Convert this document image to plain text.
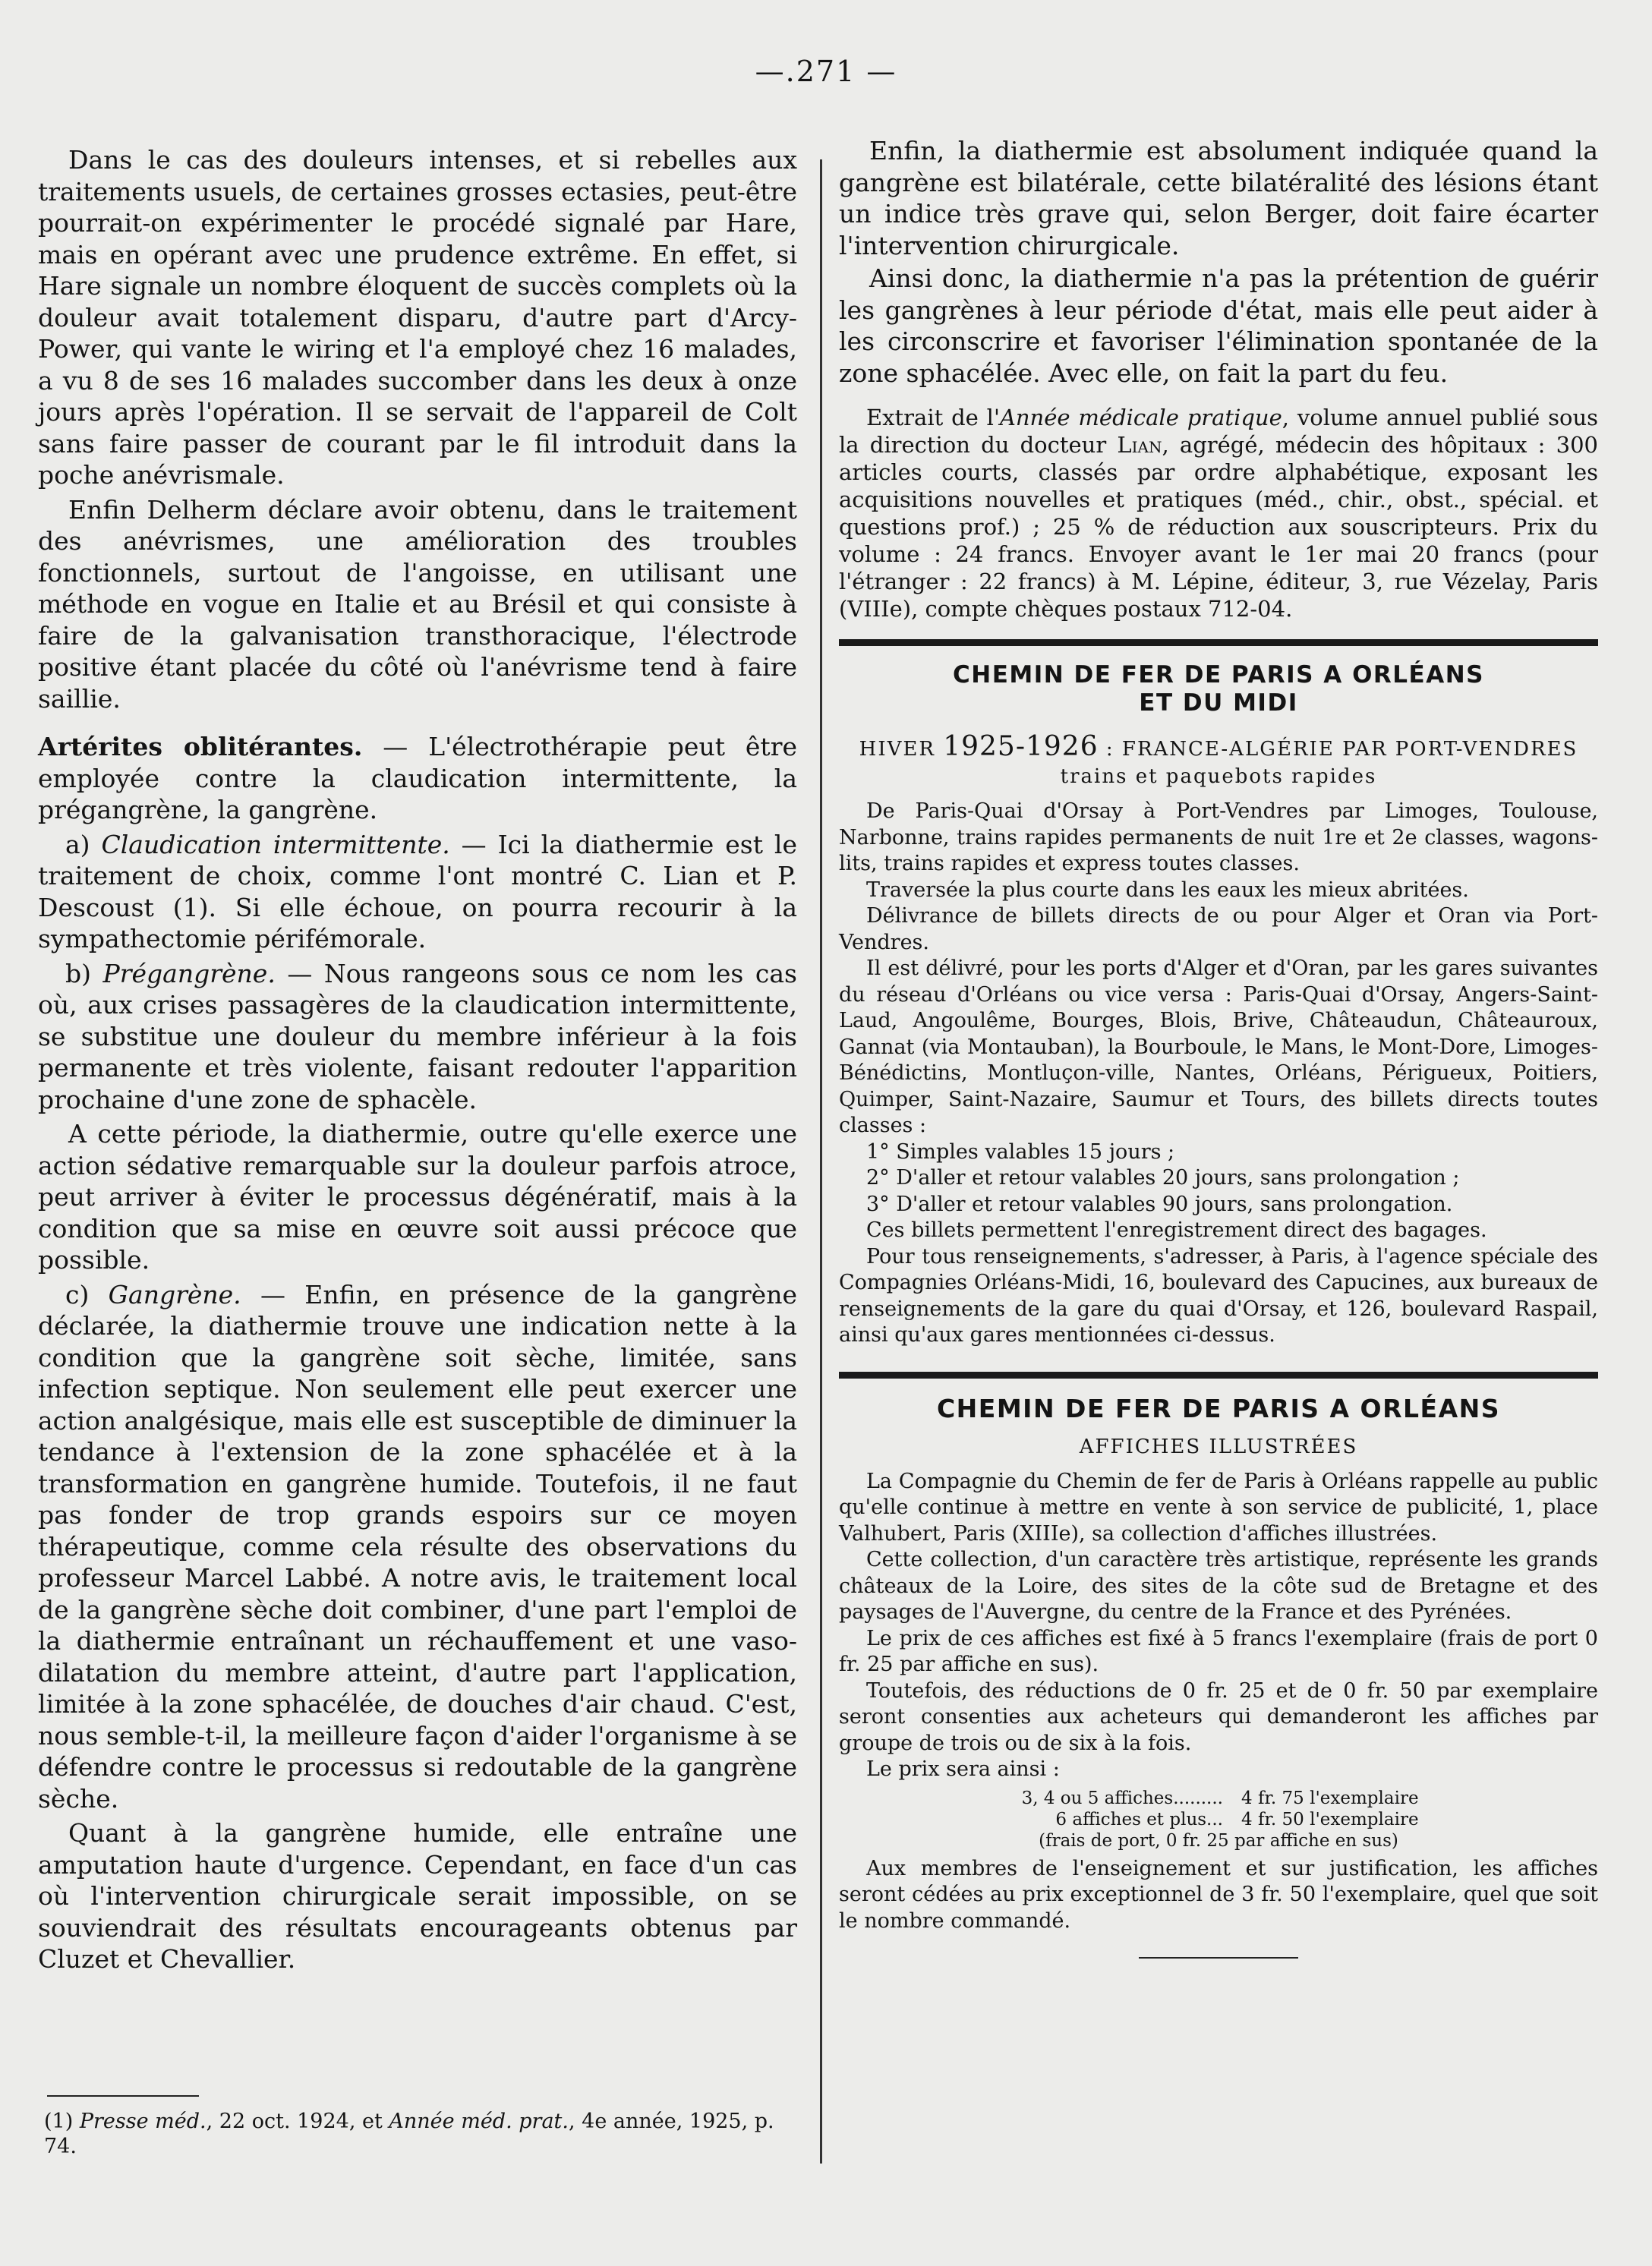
—.271 —

Dans le cas des douleurs intenses, et si rebelles aux traitements usuels, de certaines grosses ectasies, peut-être pourrait-on expérimenter le procédé signalé par Hare, mais en opérant avec une prudence extrême. En effet, si Hare signale un nombre éloquent de succès complets où la douleur avait totalement disparu, d'autre part d'Arcy-Power, qui vante le wiring et l'a employé chez 16 malades, a vu 8 de ses 16 malades succomber dans les deux à onze jours après l'opération. Il se servait de l'appareil de Colt sans faire passer de courant par le fil introduit dans la poche anévrismale.

Enfin Delherm déclare avoir obtenu, dans le traitement des anévrismes, une amélioration des troubles fonctionnels, surtout de l'angoisse, en utilisant une méthode en vogue en Italie et au Brésil et qui consiste à faire de la galvanisation transthoracique, l'électrode positive étant placée du côté où l'anévrisme tend à faire saillie.

Artérites oblitérantes. — L'électrothérapie peut être employée contre la claudication intermittente, la prégangrène, la gangrène.

a) Claudication intermittente. — Ici la diathermie est le traitement de choix, comme l'ont montré C. Lian et P. Descoust (1). Si elle échoue, on pourra recourir à la sympathectomie périfémorale.

b) Prégangrène. — Nous rangeons sous ce nom les cas où, aux crises passagères de la claudication intermittente, se substitue une douleur du membre inférieur à la fois permanente et très violente, faisant redouter l'apparition prochaine d'une zone de sphacèle.

A cette période, la diathermie, outre qu'elle exerce une action sédative remarquable sur la douleur parfois atroce, peut arriver à éviter le processus dégénératif, mais à la condition que sa mise en œuvre soit aussi précoce que possible.

c) Gangrène. — Enfin, en présence de la gangrène déclarée, la diathermie trouve une indication nette à la condition que la gangrène soit sèche, limitée, sans infection septique. Non seulement elle peut exercer une action analgésique, mais elle est susceptible de diminuer la tendance à l'extension de la zone sphacélée et à la transformation en gangrène humide. Toutefois, il ne faut pas fonder de trop grands espoirs sur ce moyen thérapeutique, comme cela résulte des observations du professeur Marcel Labbé. A notre avis, le traitement local de la gangrène sèche doit combiner, d'une part l'emploi de la diathermie entraînant un réchauffement et une vaso-dilatation du membre atteint, d'autre part l'application, limitée à la zone sphacélée, de douches d'air chaud. C'est, nous semble-t-il, la meilleure façon d'aider l'organisme à se défendre contre le processus si redoutable de la gangrène sèche.

Quant à la gangrène humide, elle entraîne une amputation haute d'urgence. Cependant, en face d'un cas où l'intervention chirurgicale serait impossible, on se souviendrait des résultats encourageants obtenus par Cluzet et Chevallier.

(1) Presse méd., 22 oct. 1924, et Année méd. prat., 4e année, 1925, p. 74.

Enfin, la diathermie est absolument indiquée quand la gangrène est bilatérale, cette bilatéralité des lésions étant un indice très grave qui, selon Berger, doit faire écarter l'intervention chirurgicale.

Ainsi donc, la diathermie n'a pas la prétention de guérir les gangrènes à leur période d'état, mais elle peut aider à les circonscrire et favoriser l'élimination spontanée de la zone sphacélée. Avec elle, on fait la part du feu.

Extrait de l'Année médicale pratique, volume annuel publié sous la direction du docteur Lian, agrégé, médecin des hôpitaux : 300 articles courts, classés par ordre alphabétique, exposant les acquisitions nouvelles et pratiques (méd., chir., obst., spécial. et questions prof.) ; 25 % de réduction aux souscripteurs. Prix du volume : 24 francs. Envoyer avant le 1er mai 20 francs (pour l'étranger : 22 francs) à M. Lépine, éditeur, 3, rue Vézelay, Paris (VIIIe), compte chèques postaux 712-04.

CHEMIN DE FER DE PARIS A ORLÉANS
ET DU MIDI
HIVER 1925-1926 : FRANCE-ALGÉRIE PAR PORT-VENDRES
trains et paquebots rapides

De Paris-Quai d'Orsay à Port-Vendres par Limoges, Toulouse, Narbonne, trains rapides permanents de nuit 1re et 2e classes, wagons-lits, trains rapides et express toutes classes.

Traversée la plus courte dans les eaux les mieux abritées.

Délivrance de billets directs de ou pour Alger et Oran via Port-Vendres.

Il est délivré, pour les ports d'Alger et d'Oran, par les gares suivantes du réseau d'Orléans ou vice versa : Paris-Quai d'Orsay, Angers-Saint-Laud, Angoulême, Bourges, Blois, Brive, Châteaudun, Châteauroux, Gannat (via Montauban), la Bourboule, le Mans, le Mont-Dore, Limoges-Bénédictins, Montluçon-ville, Nantes, Orléans, Périgueux, Poitiers, Quimper, Saint-Nazaire, Saumur et Tours, des billets directs toutes classes :

1° Simples valables 15 jours ;

2° D'aller et retour valables 20 jours, sans prolongation ;

3° D'aller et retour valables 90 jours, sans prolongation.

Ces billets permettent l'enregistrement direct des bagages.

Pour tous renseignements, s'adresser, à Paris, à l'agence spéciale des Compagnies Orléans-Midi, 16, boulevard des Capucines, aux bureaux de renseignements de la gare du quai d'Orsay, et 126, boulevard Raspail, ainsi qu'aux gares mentionnées ci-dessus.

CHEMIN DE FER DE PARIS A ORLÉANS
AFFICHES ILLUSTRÉES

La Compagnie du Chemin de fer de Paris à Orléans rappelle au public qu'elle continue à mettre en vente à son service de publicité, 1, place Valhubert, Paris (XIIIe), sa collection d'affiches illustrées.

Cette collection, d'un caractère très artistique, représente les grands châteaux de la Loire, des sites de la côte sud de Bretagne et des paysages de l'Auvergne, du centre de la France et des Pyrénées.

Le prix de ces affiches est fixé à 5 francs l'exemplaire (frais de port 0 fr. 25 par affiche en sus).

Toutefois, des réductions de 0 fr. 25 et de 0 fr. 50 par exemplaire seront consenties aux acheteurs qui demanderont les affiches par groupe de trois ou de six à la fois.

Le prix sera ainsi :

3, 4 ou 5 affiches.........	4 fr. 75 l'exemplaire
6 affiches et plus...	4 fr. 50 l'exemplaire
(frais de port, 0 fr. 25 par affiche en sus)

Aux membres de l'enseignement et sur justification, les affiches seront cédées au prix exceptionnel de 3 fr. 50 l'exemplaire, quel que soit le nombre commandé.
